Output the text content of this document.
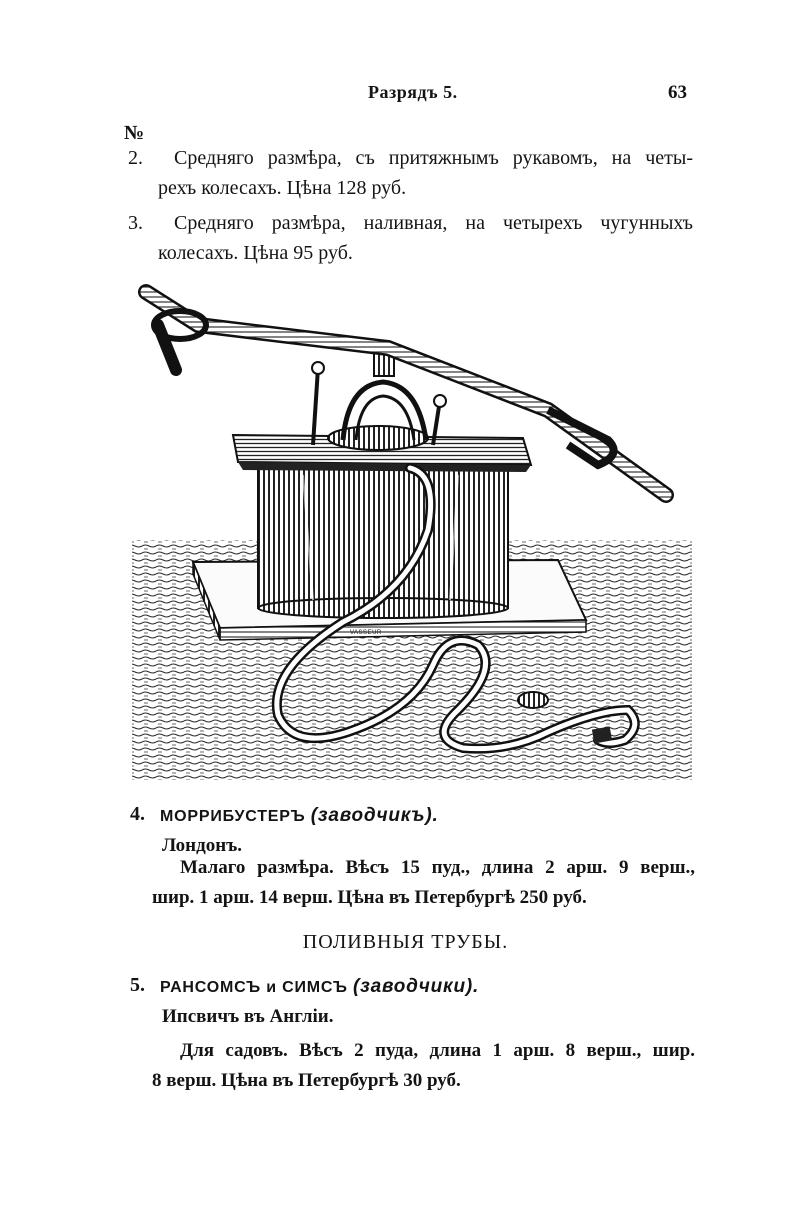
Разрядъ 5.	63
№
2.	Средняго размѣра, съ притяжнымъ рукавомъ, на четы-
рехъ колесахъ. Цѣна 128 руб.
3.	Средняго размѣра, наливная, на четырехъ чугунныхъ
колесахъ. Цѣна 95 руб.
VASSEUR
4. МОРРИБУСТЕРЪ (заводчикъ).
Лондонъ.
Малаго размѣра. Вѣсъ 15 пуд., длина 2 арш. 9 верш.,
шир. 1 арш. 14 верш. Цѣна въ Петербургѣ 250 руб.
ПОЛИВНЫЯ ТРУБЫ.
5. РАНСОМСЪ и СИМСЪ (заводчики).
Ипсвичъ въ Англiи.
Для садовъ. Вѣсъ 2 пуда, длина 1 арш. 8 верш., шир.
8 верш. Цѣна въ Петербургѣ 30 руб.
